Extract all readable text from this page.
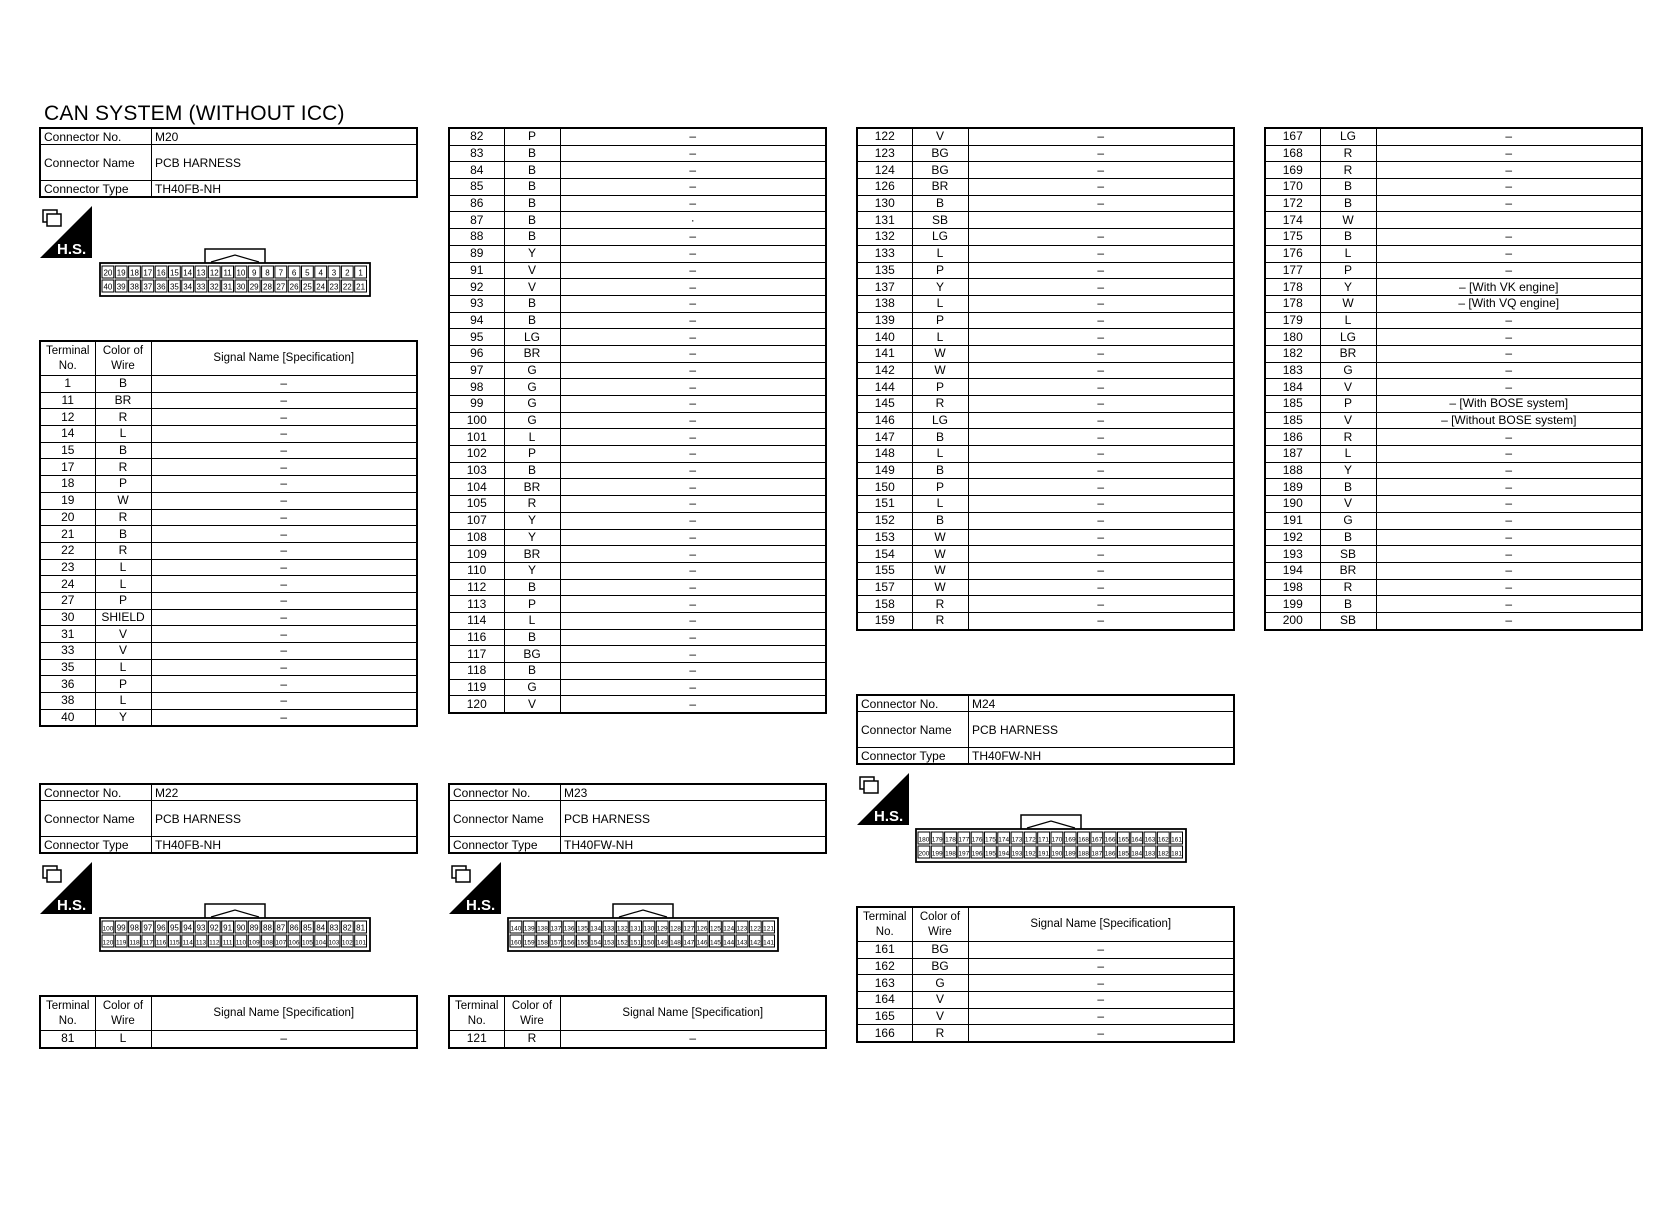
CAN SYSTEM (WITHOUT ICC)
Connector No.	M20
Connector Name	PCB HARNESS
Connector Type	TH40FB-NH
H.S.
20 19 18 17 16 15 14 13 12 11 10 9 8 7 6 5 4 3 2 1
40 39 38 37 36 35 34 33 32 31 30 29 28 27 26 25 24 23 22 21
Terminal No.	Color of Wire	Signal Name [Specification]
1	B	–
11	BR	–
12	R	–
14	L	–
15	B	–
17	R	–
18	P	–
19	W	–
20	R	–
21	B	–
22	R	–
23	L	–
24	L	–
27	P	–
30	SHIELD	–
31	V	–
33	V	–
35	L	–
36	P	–
38	L	–
40	Y	–
82	P	–
83	B	–
84	B	–
85	B	–
86	B	–
87	B	·
88	B	–
89	Y	–
91	V	–
92	V	–
93	B	–
94	B	–
95	LG	–
96	BR	–
97	G	–
98	G	–
99	G	–
100	G	–
101	L	–
102	P	–
103	B	–
104	BR	–
105	R	–
107	Y	–
108	Y	–
109	BR	–
110	Y	–
112	B	–
113	P	–
114	L	–
116	B	–
117	BG	–
118	B	–
119	G	–
120	V	–
122	V	–
123	BG	–
124	BG	–
126	BR	–
130	B	–
131	SB	
132	LG	–
133	L	–
135	P	–
137	Y	–
138	L	–
139	P	–
140	L	–
141	W	–
142	W	–
144	P	–
145	R	–
146	LG	–
147	B	–
148	L	–
149	B	–
150	P	–
151	L	–
152	B	–
153	W	–
154	W	–
155	W	–
157	W	–
158	R	–
159	R	–
167	LG	–
168	R	–
169	R	–
170	B	–
172	B	–
174	W	
175	B	–
176	L	–
177	P	–
178	Y	– [With VK engine]
178	W	– [With VQ engine]
179	L	–
180	LG	–
182	BR	–
183	G	–
184	V	–
185	P	– [With BOSE system]
185	V	– [Without BOSE system]
186	R	–
187	L	–
188	Y	–
189	B	–
190	V	–
191	G	–
192	B	–
193	SB	–
194	BR	–
198	R	–
199	B	–
200	SB	–
Connector No.	M22
Connector Name	PCB HARNESS
Connector Type	TH40FB-NH
H.S.
100 99 98 97 96 95 94 93 92 91 90 89 88 87 86 85 84 83 82 81
120 119 118 117 116 115 114 113 112 111 110 109 108 107 106 105 104 103 102 101
Terminal No.	Color of Wire	Signal Name [Specification]
81	L	–
Connector No.	M23
Connector Name	PCB HARNESS
Connector Type	TH40FW-NH
H.S.
140 139 138 137 136 135 134 133 132 131 130 129 128 127 126 125 124 123 122 121
160 159 158 157 156 155 154 153 152 151 150 149 148 147 146 145 144 143 142 141
Terminal No.	Color of Wire	Signal Name [Specification]
121	R	–
Connector No.	M24
Connector Name	PCB HARNESS
Connector Type	TH40FW-NH
H.S.
180 179 178 177 176 175 174 173 172 171 170 169 168 167 166 165 164 163 162 161
200 199 198 197 196 195 194 193 192 191 190 189 188 187 186 185 184 183 182 181
Terminal No.	Color of Wire	Signal Name [Specification]
161	BG	–
162	BG	–
163	G	–
164	V	–
165	V	–
166	R	–
